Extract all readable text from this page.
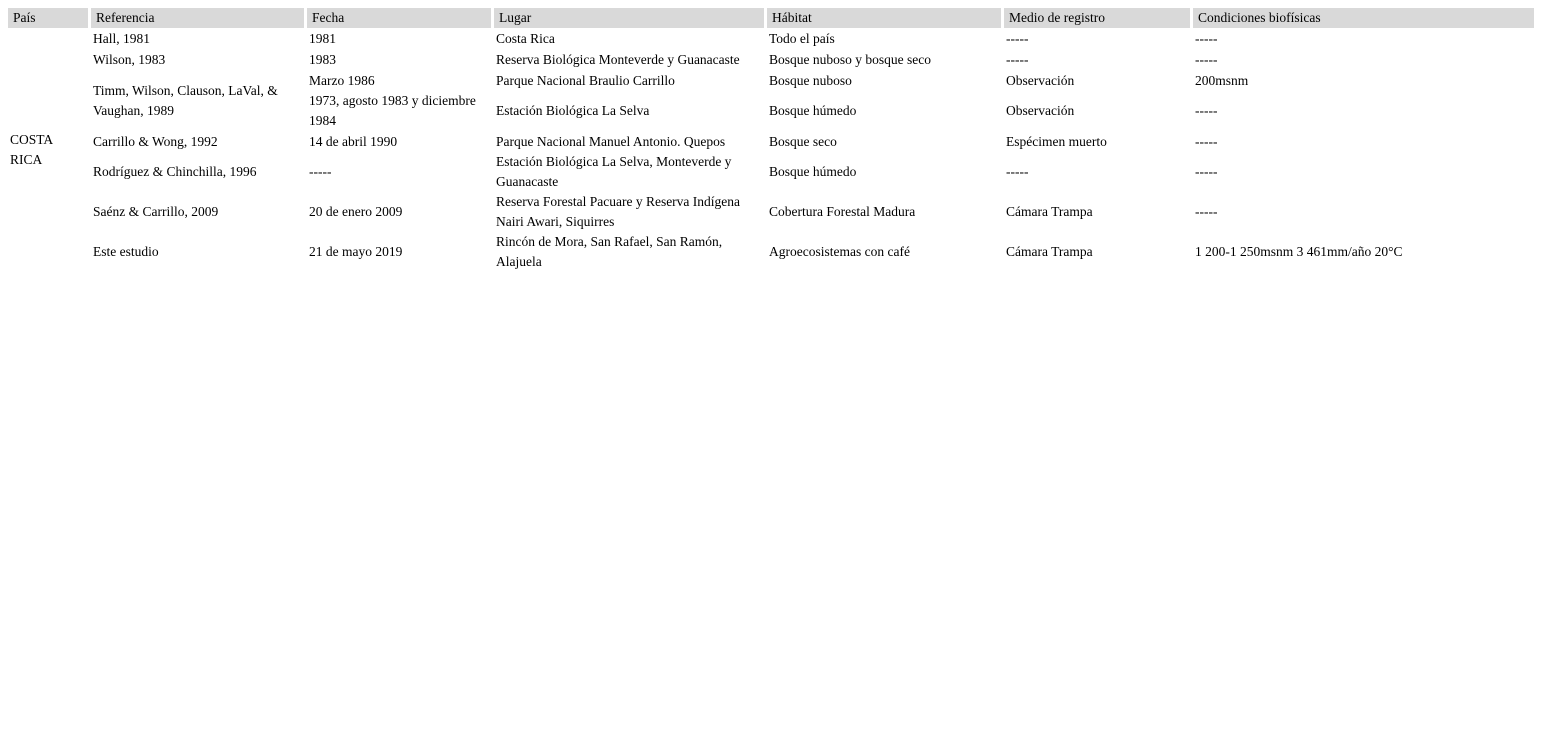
País	Referencia	Fecha	Lugar	Hábitat	Medio de registro	Condiciones biofísicas
COSTA RICA	Hall, 1981	1981	Costa Rica	Todo el país	-----	-----
	Wilson, 1983	1983	Reserva Biológica Monteverde y Guanacaste	Bosque nuboso y bosque seco	-----	-----
	Timm, Wilson, Clauson, LaVal, & Vaughan, 1989	Marzo 1986	Parque Nacional Braulio Carrillo	Bosque nuboso	Observación	200msnm
		1973, agosto 1983 y diciembre 1984	Estación Biológica La Selva	Bosque húmedo	Observación	-----
	Carrillo & Wong, 1992	14 de abril 1990	Parque Nacional Manuel Antonio. Quepos	Bosque seco	Espécimen muerto	-----
	Rodríguez & Chinchilla, 1996	-----	Estación Biológica La Selva, Monteverde y Guanacaste	Bosque húmedo	-----	-----
	Saénz & Carrillo, 2009	20 de enero 2009	Reserva Forestal Pacuare y Reserva Indígena Nairi Awari, Siquirres	Cobertura Forestal Madura	Cámara Trampa	-----
	Este estudio	21 de mayo 2019	Rincón de Mora, San Rafael, San Ramón, Alajuela	Agroecosistemas con café	Cámara Trampa	1 200-1 250msnm 3 461mm/año 20°C
